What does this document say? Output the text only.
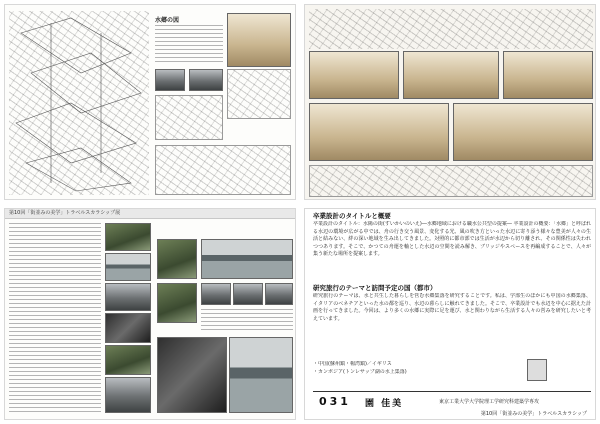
水郷の図
第10回「街並みの美学」トラベルスカラシップ展	卒業設計のタイトルと概要
卒業設計のタイトル：水陽の街(すいかいのいえ)―水郷地域における職水公共型の提案― 卒業設計の概要：「水郷」と呼ばれる水辺の環境が広がる中では、舟の行き交う風景、変化する光、風の吹き方といった水辺に寄り添う様々な豊美が人々の生活と結みない、絆の深い地域を生み出してきました。対照的に都市部では生活が水辺から切り離され、その関係性は失われつつあります。そこで、かつての舟運を軸とした水辺の空間を読み解き、ブリッジやスペースを再編成することで、人々が集う新たな場所を提案します。
研究旅行のテーマと訪問予定の国（都市）
研究旅行のテーマは、水と共生した暮らしを営む水郷集落を研究することです。私は、学部生のほかにも中国の水郷集落、イタリアのベネチアといった水の都を巡り、水辺の暮らしに触れてきました。そこで、卒業設計でも水辺を中心に据えた計画を行ってきました。今回は、より多くの水郷に実際に足を運び、水と関わりながら生活する人々の営みを研究したいと考えています。
・中国(蘇州鎮・楊湾鎮)／イギリス
・カンボジア(トンレサップ湖の水上集落)
031 園 佳美	東京工業大学大学院理工学研究科建築学専攻
第10回「街並みの美学」トラベルスカラシップ
